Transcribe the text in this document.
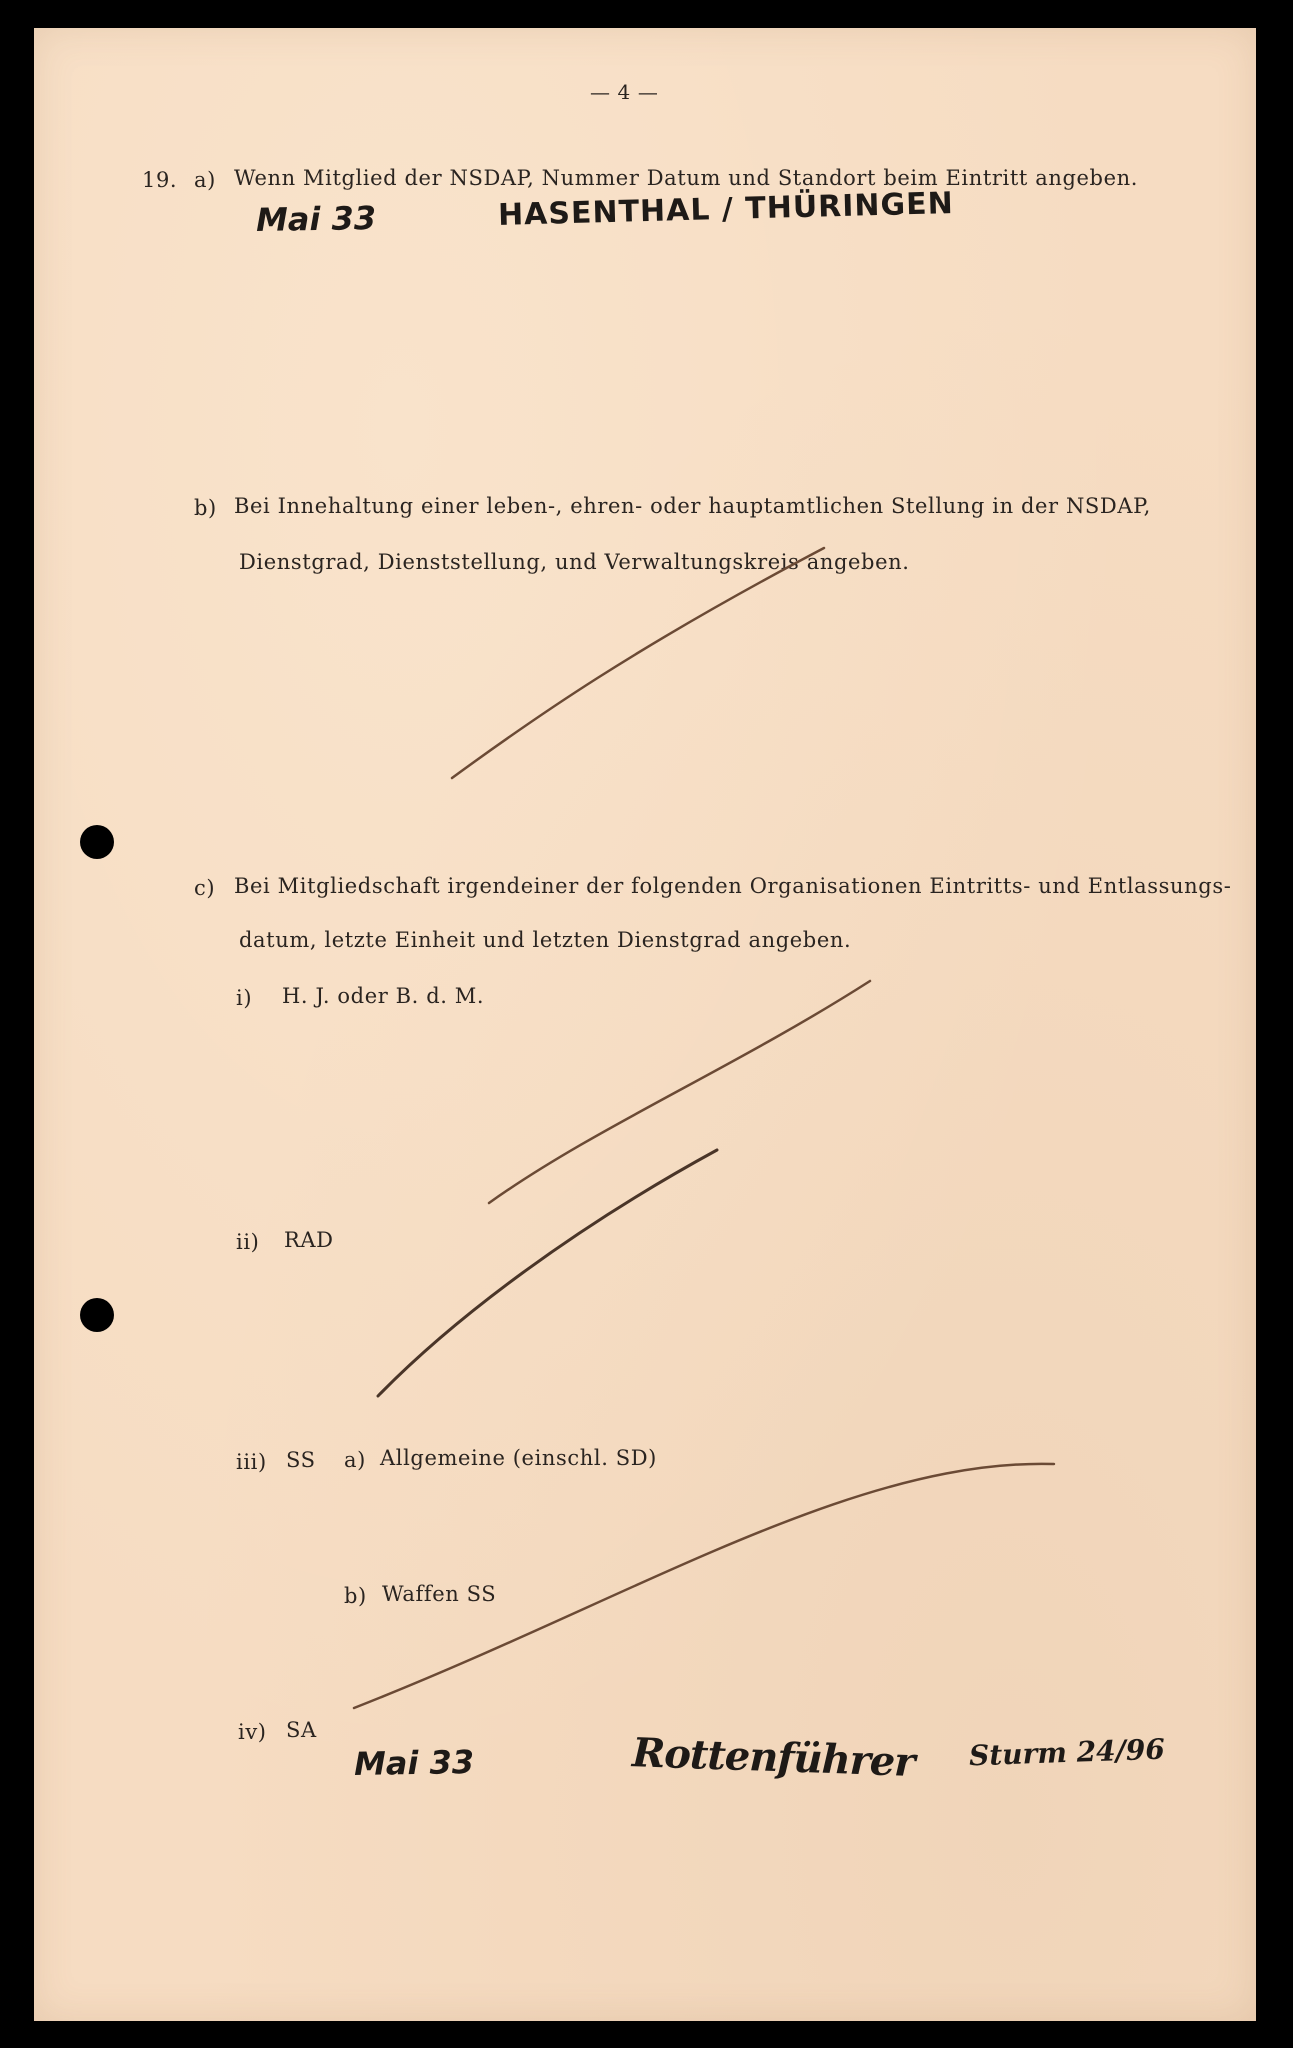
— 4 —
19. a) Wenn Mitglied der NSDAP, Nummer Datum und Standort beim Eintritt angeben.
Mai 33	HASENTHAL / THÜRINGEN
b) Bei Innehaltung einer leben-, ehren- oder hauptamtlichen Stellung in der NSDAP,
Dienstgrad, Dienststellung, und Verwaltungskreis angeben.
c) Bei Mitgliedschaft irgendeiner der folgenden Organisationen Eintritts- und Entlassungs-
datum, letzte Einheit und letzten Dienstgrad angeben.
i) H. J. oder B. d. M.
ii) RAD
iii) SS a) Allgemeine (einschl. SD)
b) Waffen SS
iv) SA
Mai 33	Rottenführer Sturm 24/96
